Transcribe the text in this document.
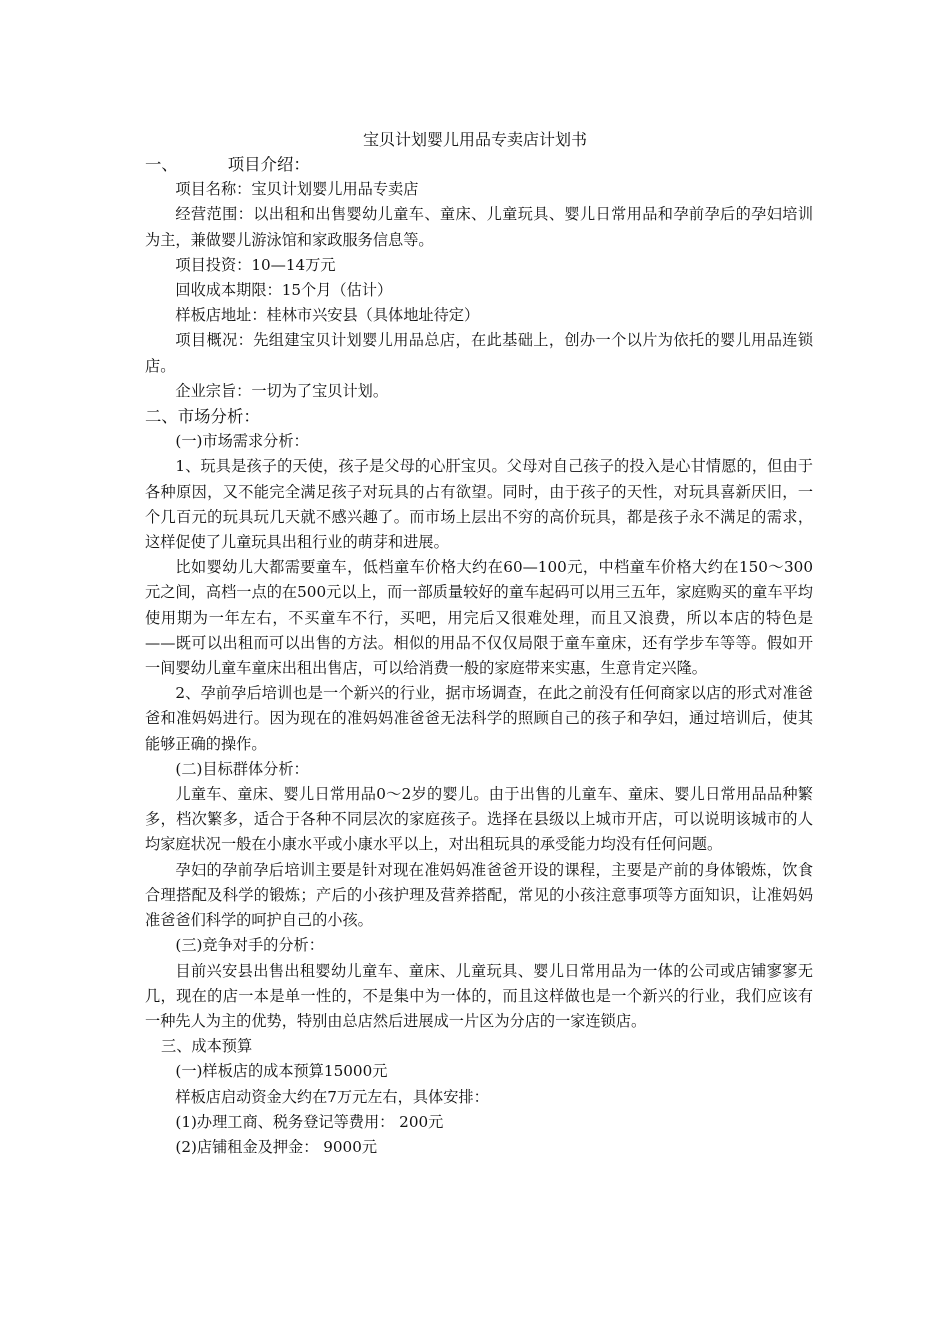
宝贝计划婴儿用品专卖店计划书

一、	项目介绍：

项目名称：宝贝计划婴儿用品专卖店

经营范围：以出租和出售婴幼儿童车、童床、儿童玩具、婴儿日常用品和孕前孕后的孕妇培训为主，兼做婴儿游泳馆和家政服务信息等。

项目投资：10—14万元

回收成本期限：15个月（估计）

样板店地址：桂林市兴安县（具体地址待定）

项目概况：先组建宝贝计划婴儿用品总店，在此基础上，创办一个以片为依托的婴儿用品连锁店。

企业宗旨：一切为了宝贝计划。

二、市场分析：

(一)市场需求分析：

1、玩具是孩子的天使，孩子是父母的心肝宝贝。父母对自己孩子的投入是心甘情愿的，但由于各种原因，又不能完全满足孩子对玩具的占有欲望。同时，由于孩子的天性，对玩具喜新厌旧，一个几百元的玩具玩几天就不感兴趣了。而市场上层出不穷的高价玩具，都是孩子永不满足的需求，这样促使了儿童玩具出租行业的萌芽和进展。

比如婴幼儿大都需要童车，低档童车价格大约在60—100元，中档童车价格大约在150～300元之间，高档一点的在500元以上，而一部质量较好的童车起码可以用三五年，家庭购买的童车平均使用期为一年左右，不买童车不行，买吧，用完后又很难处理，而且又浪费，所以本店的特色是——既可以出租而可以出售的方法。相似的用品不仅仅局限于童车童床，还有学步车等等。假如开一间婴幼儿童车童床出租出售店，可以给消费一般的家庭带来实惠，生意肯定兴隆。

2、孕前孕后培训也是一个新兴的行业，据市场调查，在此之前没有任何商家以店的形式对准爸爸和准妈妈进行。因为现在的准妈妈准爸爸无法科学的照顾自己的孩子和孕妇，通过培训后，使其能够正确的操作。

(二)目标群体分析：

儿童车、童床、婴儿日常用品0～2岁的婴儿。由于出售的儿童车、童床、婴儿日常用品品种繁多，档次繁多，适合于各种不同层次的家庭孩子。选择在县级以上城市开店，可以说明该城市的人均家庭状况一般在小康水平或小康水平以上，对出租玩具的承受能力均没有任何问题。

孕妇的孕前孕后培训主要是针对现在准妈妈准爸爸开设的课程，主要是产前的身体锻炼，饮食合理搭配及科学的锻炼；产后的小孩护理及营养搭配，常见的小孩注意事项等方面知识，让准妈妈准爸爸们科学的呵护自己的小孩。

(三)竞争对手的分析：

目前兴安县出售出租婴幼儿童车、童床、儿童玩具、婴儿日常用品为一体的公司或店铺寥寥无几，现在的店一本是单一性的，不是集中为一体的，而且这样做也是一个新兴的行业，我们应该有一种先人为主的优势，特别由总店然后进展成一片区为分店的一家连锁店。

三、成本预算

(一)样板店的成本预算15000元

样板店启动资金大约在7万元左右，具体安排：

(1)办理工商、税务登记等费用： 200元

(2)店铺租金及押金： 9000元
